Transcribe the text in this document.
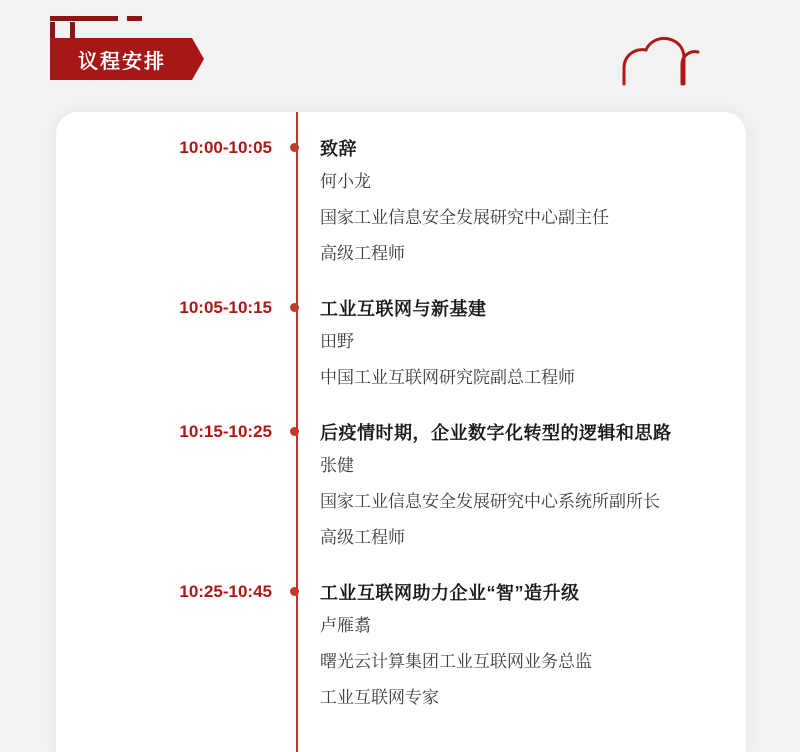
议程安排
10:00-10:05	致辞
何小龙
国家工业信息安全发展研究中心副主任
高级工程师
10:05-10:15	工业互联网与新基建
田野
中国工业互联网研究院副总工程师
10:15-10:25	后疫情时期，企业数字化转型的逻辑和思路
张健
国家工业信息安全发展研究中心系统所副所长
高级工程师
10:25-10:45	工业互联网助力企业“智”造升级
卢雁翥
曙光云计算集团工业互联网业务总监
工业互联网专家
